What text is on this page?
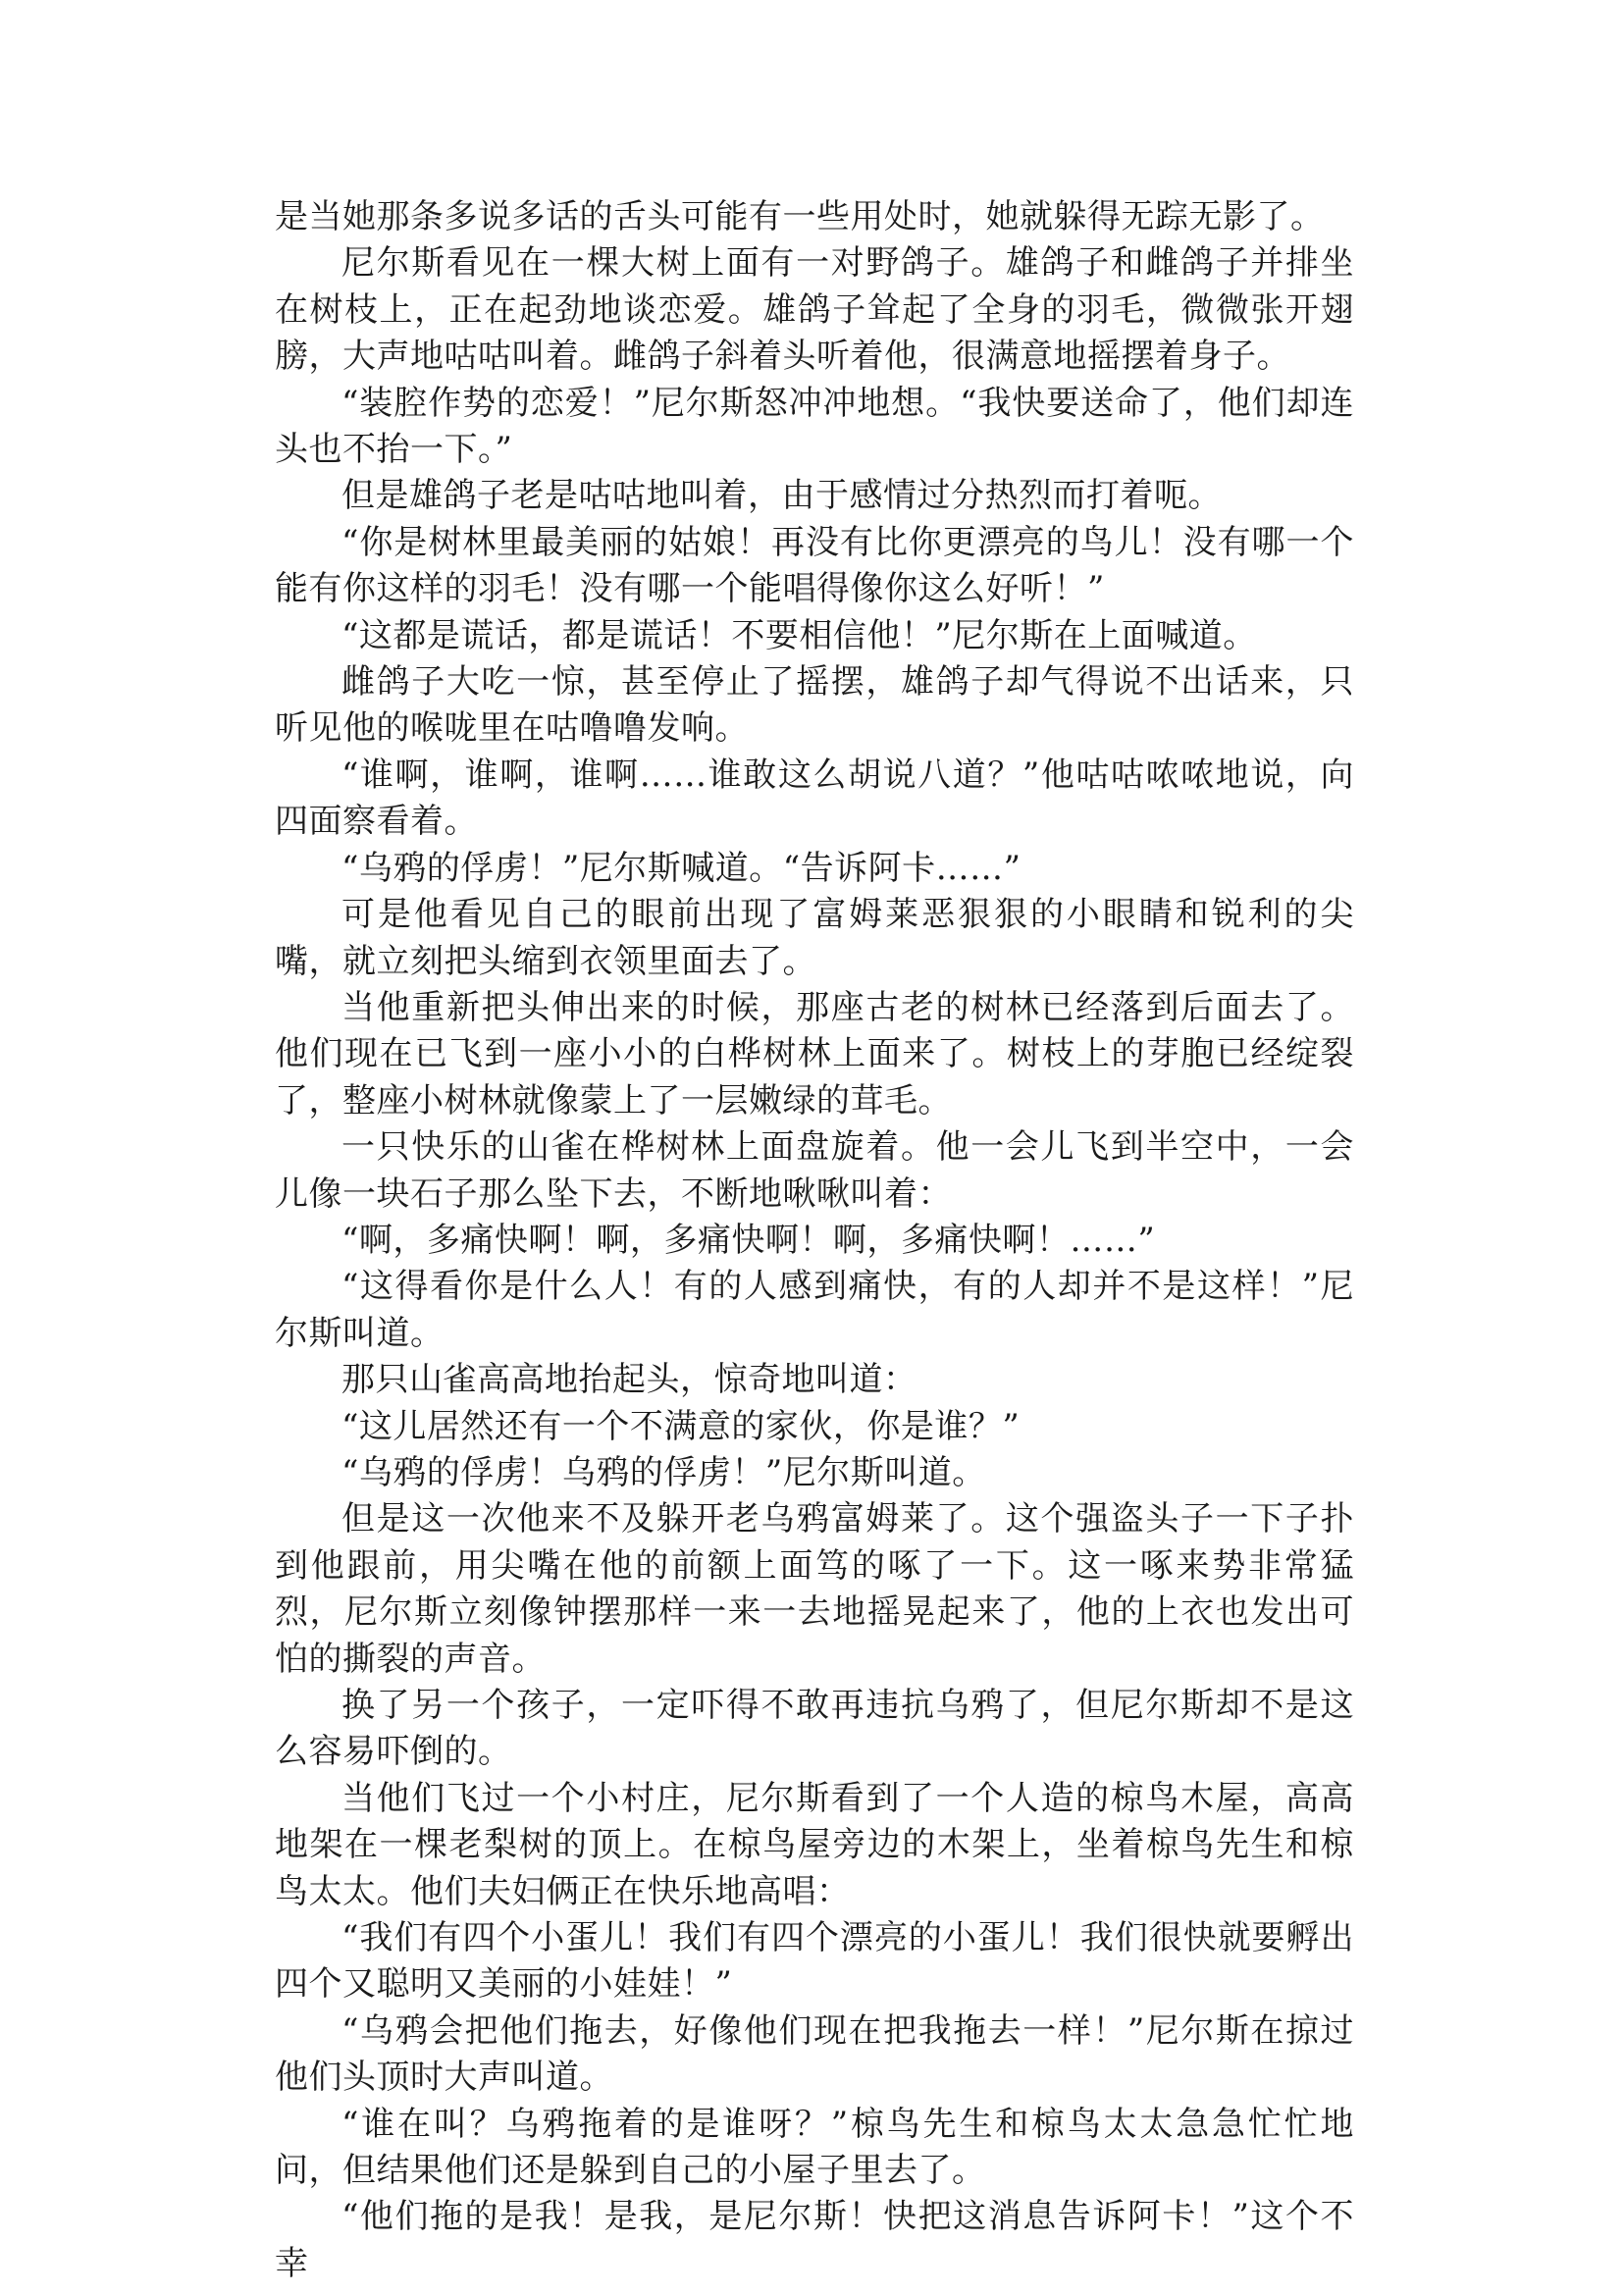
是当她那条多说多话的舌头可能有一些用处时，她就躲得无踪无影了。

尼尔斯看见在一棵大树上面有一对野鸽子。雄鸽子和雌鸽子并排坐在树枝上，正在起劲地谈恋爱。雄鸽子耸起了全身的羽毛，微微张开翅膀，大声地咕咕叫着。雌鸽子斜着头听着他，很满意地摇摆着身子。

“装腔作势的恋爱！”尼尔斯怒冲冲地想。“我快要送命了，他们却连头也不抬一下。”

但是雄鸽子老是咕咕地叫着，由于感情过分热烈而打着呃。

“你是树林里最美丽的姑娘！再没有比你更漂亮的鸟儿！没有哪一个能有你这样的羽毛！没有哪一个能唱得像你这么好听！”

“这都是谎话，都是谎话！不要相信他！”尼尔斯在上面喊道。

雌鸽子大吃一惊，甚至停止了摇摆，雄鸽子却气得说不出话来，只听见他的喉咙里在咕噜噜发响。

“谁啊，谁啊，谁啊……谁敢这么胡说八道？”他咕咕哝哝地说，向四面察看着。

“乌鸦的俘虏！”尼尔斯喊道。“告诉阿卡……”

可是他看见自己的眼前出现了富姆莱恶狠狠的小眼睛和锐利的尖嘴，就立刻把头缩到衣领里面去了。

当他重新把头伸出来的时候，那座古老的树林已经落到后面去了。他们现在已飞到一座小小的白桦树林上面来了。树枝上的芽胞已经绽裂了，整座小树林就像蒙上了一层嫩绿的茸毛。

一只快乐的山雀在桦树林上面盘旋着。他一会儿飞到半空中，一会儿像一块石子那么坠下去，不断地啾啾叫着：

“啊，多痛快啊！啊，多痛快啊！啊，多痛快啊！……”

“这得看你是什么人！有的人感到痛快，有的人却并不是这样！”尼尔斯叫道。

那只山雀高高地抬起头，惊奇地叫道：

“这儿居然还有一个不满意的家伙，你是谁？”

“乌鸦的俘虏！乌鸦的俘虏！”尼尔斯叫道。

但是这一次他来不及躲开老乌鸦富姆莱了。这个强盗头子一下子扑到他跟前，用尖嘴在他的前额上面笃的啄了一下。这一啄来势非常猛烈，尼尔斯立刻像钟摆那样一来一去地摇晃起来了，他的上衣也发出可怕的撕裂的声音。

换了另一个孩子，一定吓得不敢再违抗乌鸦了，但尼尔斯却不是这么容易吓倒的。

当他们飞过一个小村庄，尼尔斯看到了一个人造的椋鸟木屋，高高地架在一棵老梨树的顶上。在椋鸟屋旁边的木架上，坐着椋鸟先生和椋鸟太太。他们夫妇俩正在快乐地高唱：

“我们有四个小蛋儿！我们有四个漂亮的小蛋儿！我们很快就要孵出四个又聪明又美丽的小娃娃！”

“乌鸦会把他们拖去，好像他们现在把我拖去一样！”尼尔斯在掠过他们头顶时大声叫道。

“谁在叫？乌鸦拖着的是谁呀？”椋鸟先生和椋鸟太太急急忙忙地问，但结果他们还是躲到自己的小屋子里去了。

“他们拖的是我！是我，是尼尔斯！快把这消息告诉阿卡！”这个不幸
